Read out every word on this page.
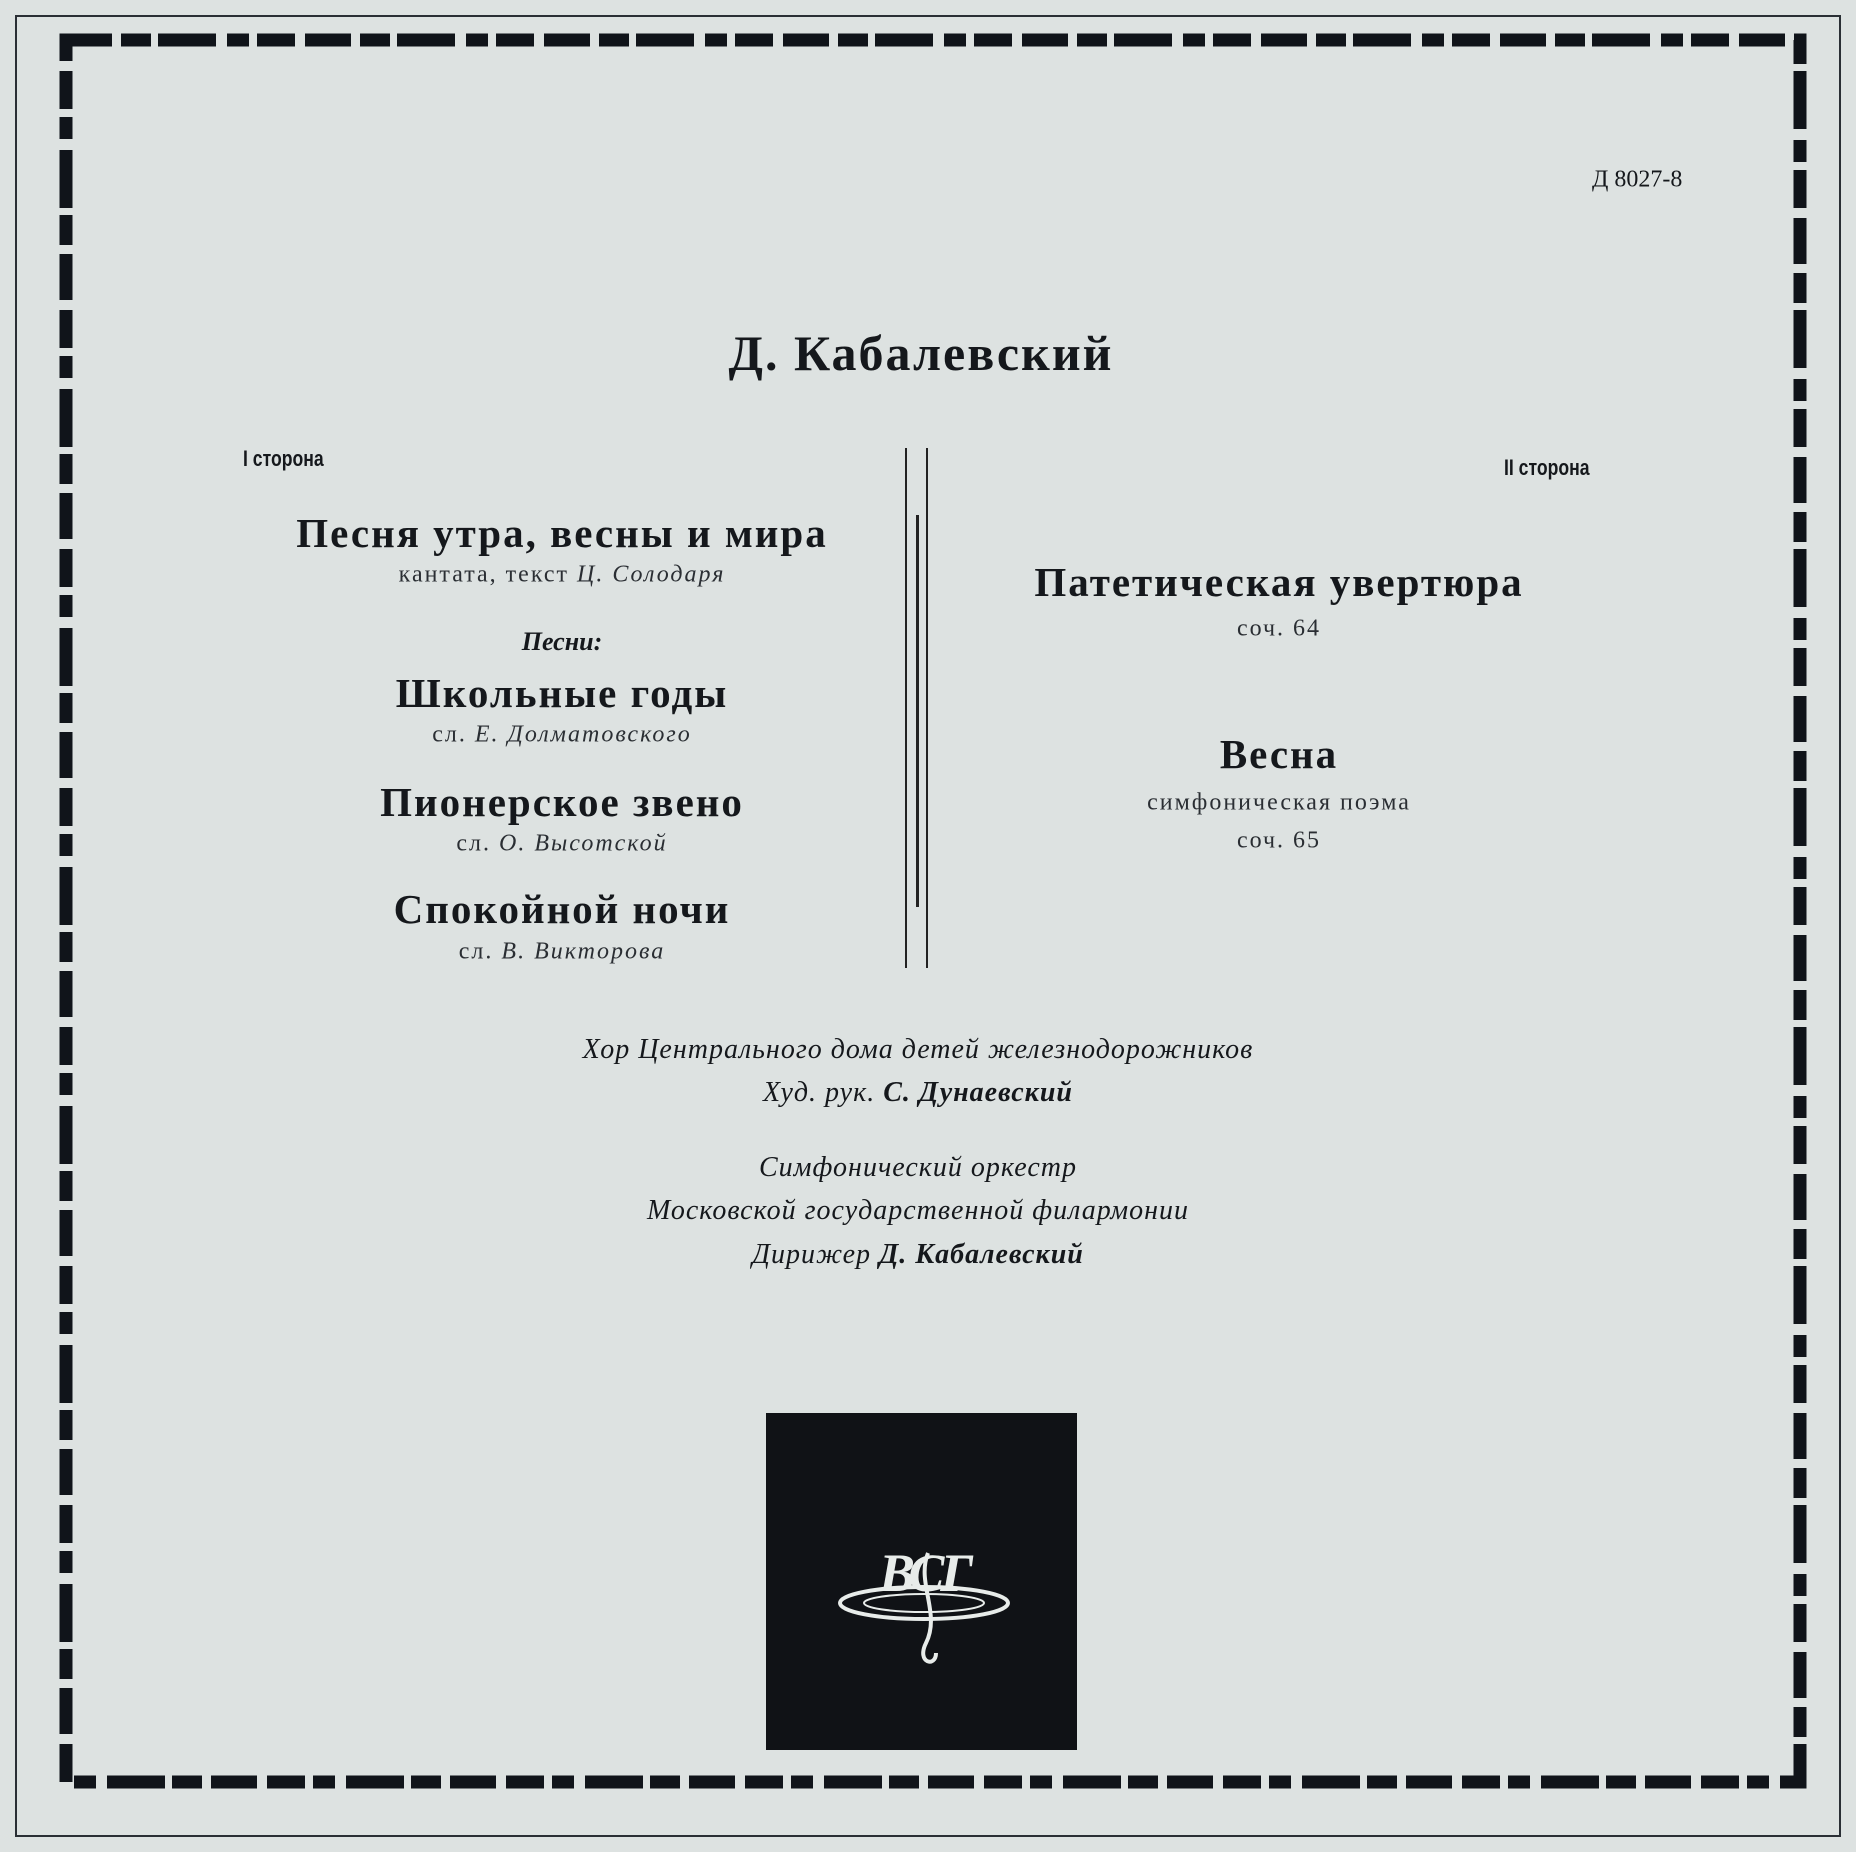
Д 8027-8
Д. Кабалевский
I сторона
Песня утра, весны и мира
кантата, текст Ц. Солодаря
Песни:
Школьные годы
сл. Е. Долматовского
Пионерское звено
сл. О. Высотской
Спокойной ночи
сл. В. Викторова
II сторона
Патетическая увертюра
соч. 64
Весна
симфоническая поэма
соч. 65
Хор Центрального дома детей железнодорожников
Худ. рук. С. Дунаевский
Симфонический оркестр
Московской государственной филармонии
Дирижер Д. Кабалевский
ВСГ
